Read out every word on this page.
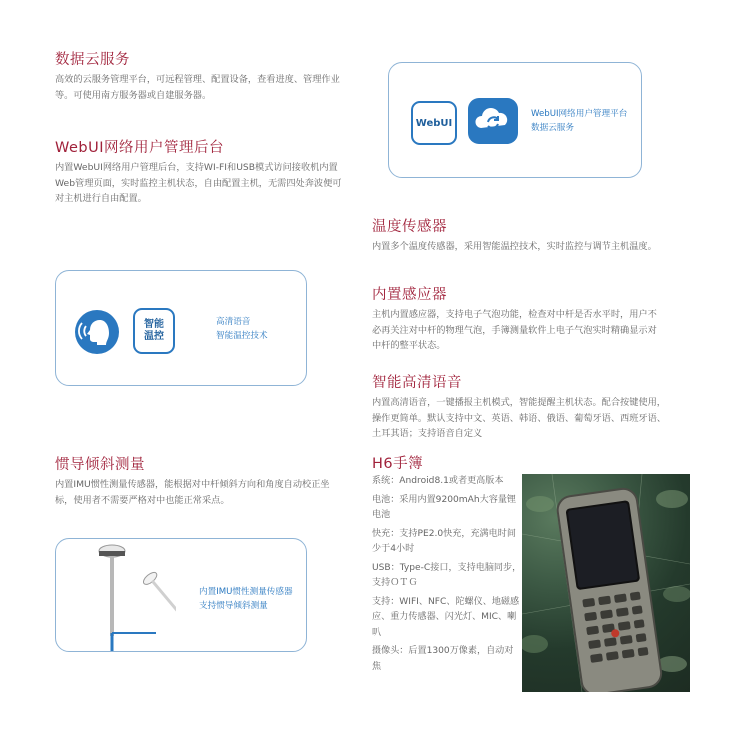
数据云服务

高效的云服务管理平台，可远程管理、配置设备，查看进度、管理作业等。可使用南方服务器或自建服务器。

WebUI网络用户管理后台

内置WebUI网络用户管理后台，支持WI-FI和USB模式访问接收机内置Web管理页面，实时监控主机状态，自由配置主机，无需四处奔波便可对主机进行自由配置。

WebUI
WebUI网络用户管理平台
数据云服务
温度传感器

内置多个温度传感器，采用智能温控技术，实时监控与调节主机温度。

内置感应器

主机内置感应器，支持电子气泡功能，检查对中杆是否水平时，用户不必再关注对中杆的物理气泡，手簿测量软件上电子气泡实时精确显示对中杆的整平状态。

智能温控
高清语音
智能温控技术
智能高清语音

内置高清语音，一键播报主机模式，智能提醒主机状态。配合按键使用，操作更简单。默认支持中文、英语、韩语、俄语、葡萄牙语、西班牙语、土耳其语；支持语音自定义

惯导倾斜测量

内置IMU惯性测量传感器，能根据对中杆倾斜方向和角度自动校正坐标，使用者不需要严格对中也能正常采点。

内置IMU惯性测量传感器
支持惯导倾斜测量
H6手簿
系统：Android8.1或者更高版本
电池：采用内置9200mAh大容量锂电池
快充：支持PE2.0快充，充满电时间少于4小时
USB：Type-C接口，支持电脑同步，支持ＯＴＧ
支持：WIFI、NFC、陀螺仪、地磁感应、重力传感器、闪光灯、MIC、喇叭
摄像头：后置1300万像素，自动对焦
